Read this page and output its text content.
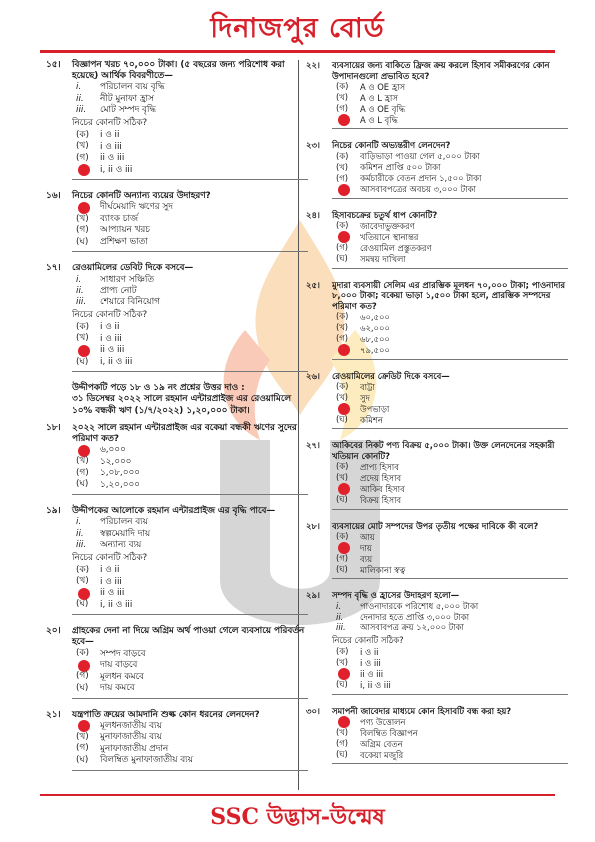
দিনাজপুর বোর্ড
১৫।	বিজ্ঞাপন খরচ ৭০,০০০ টাকা। (৫ বছরের জন্য পরিশোধ করা হয়েছে) আর্থিক বিবরণীতে—
i.	পরিচালন ব্যয় বৃদ্ধি
ii.	নীট মুনাফা হ্রাস
iii.	মোট সম্পদ বৃদ্ধি
নিচের কোনটি সঠিক?
(ক) i ও ii
(খ) i ও iii
(গ) ii ও iii
i, ii ও iii
১৬।	নিচের কোনটি অন্যান্য ব্যয়ের উদাহরণ?
দীর্ঘমেয়াদি ঋণের সুদ
(খ) ব্যাংক চার্জ
(গ) আপ্যায়ন খরচ
(ঘ) প্রশিক্ষণ ভাতা
১৭।	রেওয়ামিলের ডেবিট দিকে বসবে—
i.	সাধারণ সঞ্চিতি
ii.	প্রাপ্য নোট
iii.	শেয়ারে বিনিয়োগ
নিচের কোনটি সঠিক?
(ক) i ও ii
(খ) i ও iii
ii ও iii
(ঘ) i, ii ও iii
উদ্দীপকটি পড়ে ১৮ ও ১৯ নং প্রশ্নের উত্তর দাও :
৩১ ডিসেম্বর ২০২২ সালে রহমান এন্টারপ্রাইজ এর রেওয়ামিলে ১০% বন্ধকী ঋণ (১/৭/২০২২) ১,২০,০০০ টাকা।
১৮।	২০২২ সালে রহমান এন্টারপ্রাইজ এর বকেয়া বন্ধকী ঋণের সুদের পরিমাণ কত?
৬,০০০
(খ) ১২,০০০
(গ) ১,০৮,০০০
(ঘ) ১,২০,০০০
১৯।	উদ্দীপকের আলোকে রহমান এন্টারপ্রাইজ এর বৃদ্ধি পাবে—
i.	পরিচালন ব্যয়
ii.	স্বল্পমেয়াদি দায়
iii.	অন্যান্য ব্যয়
নিচের কোনটি সঠিক?
(ক) i ও ii
(খ) i ও iii
ii ও iii
(ঘ) i, ii ও iii
২০।	গ্রাহকের দেনা না দিয়ে অগ্রিম অর্থ পাওয়া গেলে ব্যবসায়ে পরিবর্তন হবে—
(ক) সম্পদ বাড়বে
দায় বাড়বে
(গ) মূলধন কমবে
(ঘ) দায় কমবে
২১।	যন্ত্রপাতি ক্রয়ের আমদানি শুল্ক কোন ধরনের লেনদেন?
মূলধনজাতীয় ব্যয়
(খ) মুনাফাজাতীয় ব্যয়
(গ) মুনাফাজাতীয় প্রদান
(ঘ) বিলম্বিত মুনাফাজাতীয় ব্যয়
২২।	ব্যবসায়ের জন্য বাকিতে ফ্রিজ ক্রয় করলে হিসাব সমীকরণের কোন উপাদানগুলো প্রভাবিত হবে?
(ক) A ও OE হ্রাস
(খ) A ও L হ্রাস
(গ) A ও OE বৃদ্ধি
A ও L বৃদ্ধি
২৩।	নিচের কোনটি অভ্যন্তরীণ লেনদেন?
(ক) বাড়িভাড়া পাওয়া গেল ৫,০০০ টাকা
(খ) কমিশন প্রাপ্তি ৫০০ টাকা
(গ) কর্মচারীকে বেতন প্রদান ১,৫০০ টাকা
আসবাবপত্রের অবচয় ৩,০০০ টাকা
২৪।	হিসাবচক্রের চতুর্থ ধাপ কোনটি?
(ক) জাবেদাভুক্তকরণ
খতিয়ানে স্থানান্তর
(গ) রেওয়ামিল প্রস্তুতকরণ
(ঘ) সমন্বয় দাখিলা
২৫।	মুদারা ব্যবসায়ী সেলিম এর প্রারম্ভিক মূলধন ৭০,০০০ টাকা; পাওনাদার ৮,০০০ টাকা; বকেয়া ভাড়া ১,৫০০ টাকা হলে, প্রারম্ভিক সম্পদের পরিমাণ কত?
(ক) ৬০,৫০০
(খ) ৬২,০০০
(গ) ৬৮,৫০০
৭৯,৫০০
২৬।	রেওয়ামিলের ক্রেডিট দিকে বসবে—
(ক) বাট্টা
(খ) সুদ
উপভাড়া
(ঘ) কমিশন
২৭।	আকিবের নিকট পণ্য বিক্রয় ৫,০০০ টাকা। উক্ত লেনদেনের সহকারী খতিয়ান কোনটি?
(ক) প্রাপ্য হিসাব
(খ) প্রদেয় হিসাব
আকিব হিসাব
(ঘ) বিক্রয় হিসাব
২৮।	ব্যবসায়ের মোট সম্পদের উপর তৃতীয় পক্ষের দাবিকে কী বলে?
(ক) আয়
দায়
(গ) ব্যয়
(ঘ) মালিকানা স্বত্ব
২৯।	সম্পদ বৃদ্ধি ও হ্রাসের উদাহরণ হলো—
i.	পাওনাদারকে পরিশোধ ৫,০০০ টাকা
ii.	দেনাদার হতে প্রাপ্তি ৩,০০০ টাকা
iii.	আসবাবপত্র ক্রয় ১২,০০০ টাকা
নিচের কোনটি সঠিক?
(ক) i ও ii
(খ) i ও iii
ii ও iii
(ঘ) i, ii ও iii
৩০।	সমাপনী জাবেদার মাধ্যমে কোন হিসাবটি বন্ধ করা হয়?
পণ্য উত্তোলন
(খ) বিলম্বিত বিজ্ঞাপন
(গ) অগ্রিম বেতন
(ঘ) বকেয়া মজুরি
SSC উদ্ভাস-উন্মেষ
